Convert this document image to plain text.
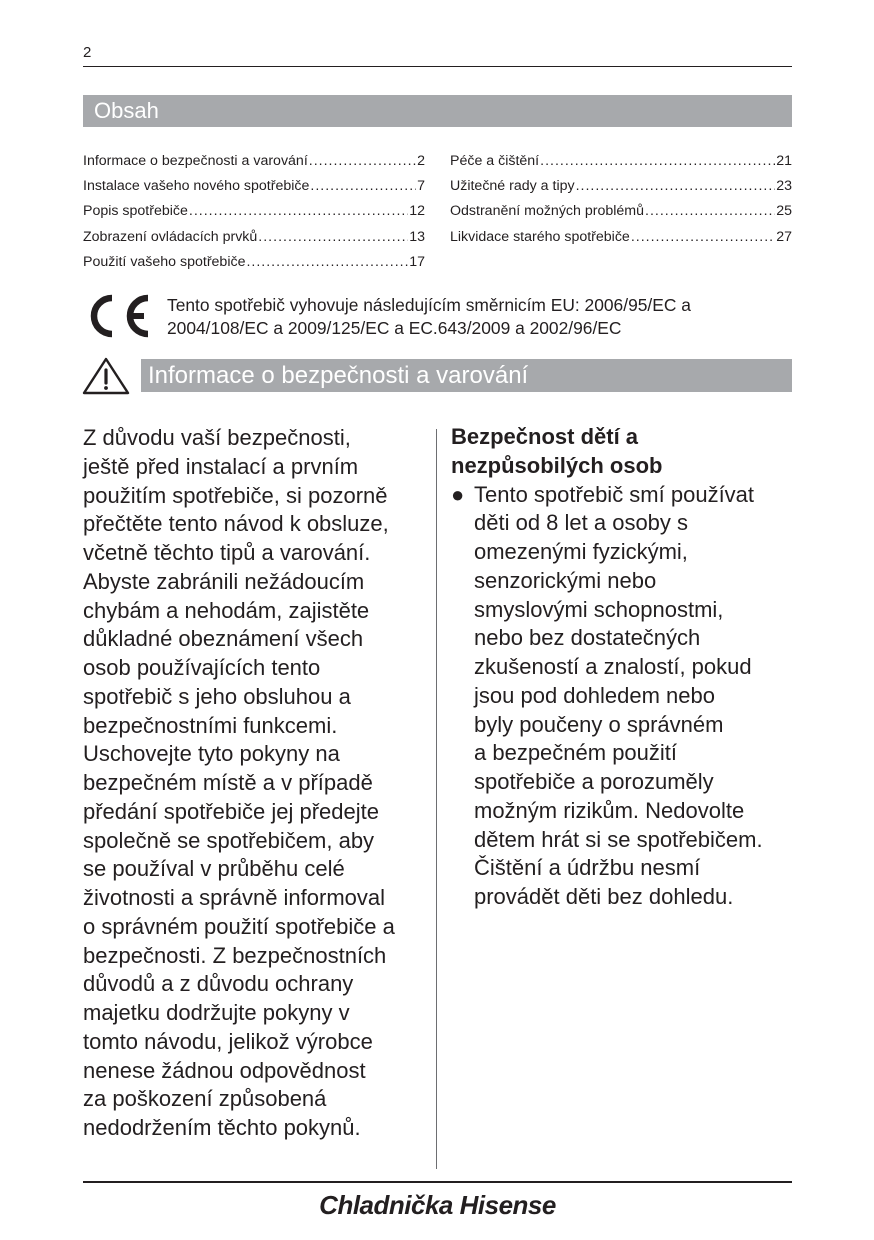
2
Obsah
Informace o bezpečnosti a varování .....	2
Instalace vašeho nového spotřebiče .....	7
Popis spotřebiče .....	12
Zobrazení ovládacích prvků .....	13
Použití vašeho spotřebiče .....	17
Péče a čištění .....	21
Užitečné rady a tipy .....	23
Odstranění možných problémů .....	25
Likvidace starého spotřebiče .....	27
Tento spotřebič vyhovuje následujícím směrnicím EU: 2006/95/EC a
2004/108/EC a 2009/125/EC a EC.643/2009 a 2002/96/EC
Informace o bezpečnosti a varování
Z důvodu vaší bezpečnosti,
ještě před instalací a prvním
použitím spotřebiče, si pozorně
přečtěte tento návod k obsluze,
včetně těchto tipů a varování.
Abyste zabránili nežádoucím
chybám a nehodám, zajistěte
důkladné obeznámení všech
osob používajících tento
spotřebič s jeho obsluhou a
bezpečnostními funkcemi.
Uschovejte tyto pokyny na
bezpečném místě a v případě
předání spotřebiče jej předejte
společně se spotřebičem, aby
se používal v průběhu celé
životnosti a správně informoval
o správném použití spotřebiče a
bezpečnosti. Z bezpečnostních
důvodů a z důvodu ochrany
majetku dodržujte pokyny v
tomto návodu, jelikož výrobce
nenese žádnou odpovědnost
za poškození způsobená
nedodržením těchto pokynů.
Bezpečnost dětí a
nezpůsobilých osob
● Tento spotřebič smí používat
děti od 8 let a osoby s
omezenými fyzickými,
senzorickými nebo
smyslovými schopnostmi,
nebo bez dostatečných
zkušeností a znalostí, pokud
jsou pod dohledem nebo
byly poučeny o správném
a bezpečném použití
spotřebiče a porozuměly
možným rizikům. Nedovolte
dětem hrát si se spotřebičem.
Čištění a údržbu nesmí
provádět děti bez dohledu.
Chladnička Hisense
